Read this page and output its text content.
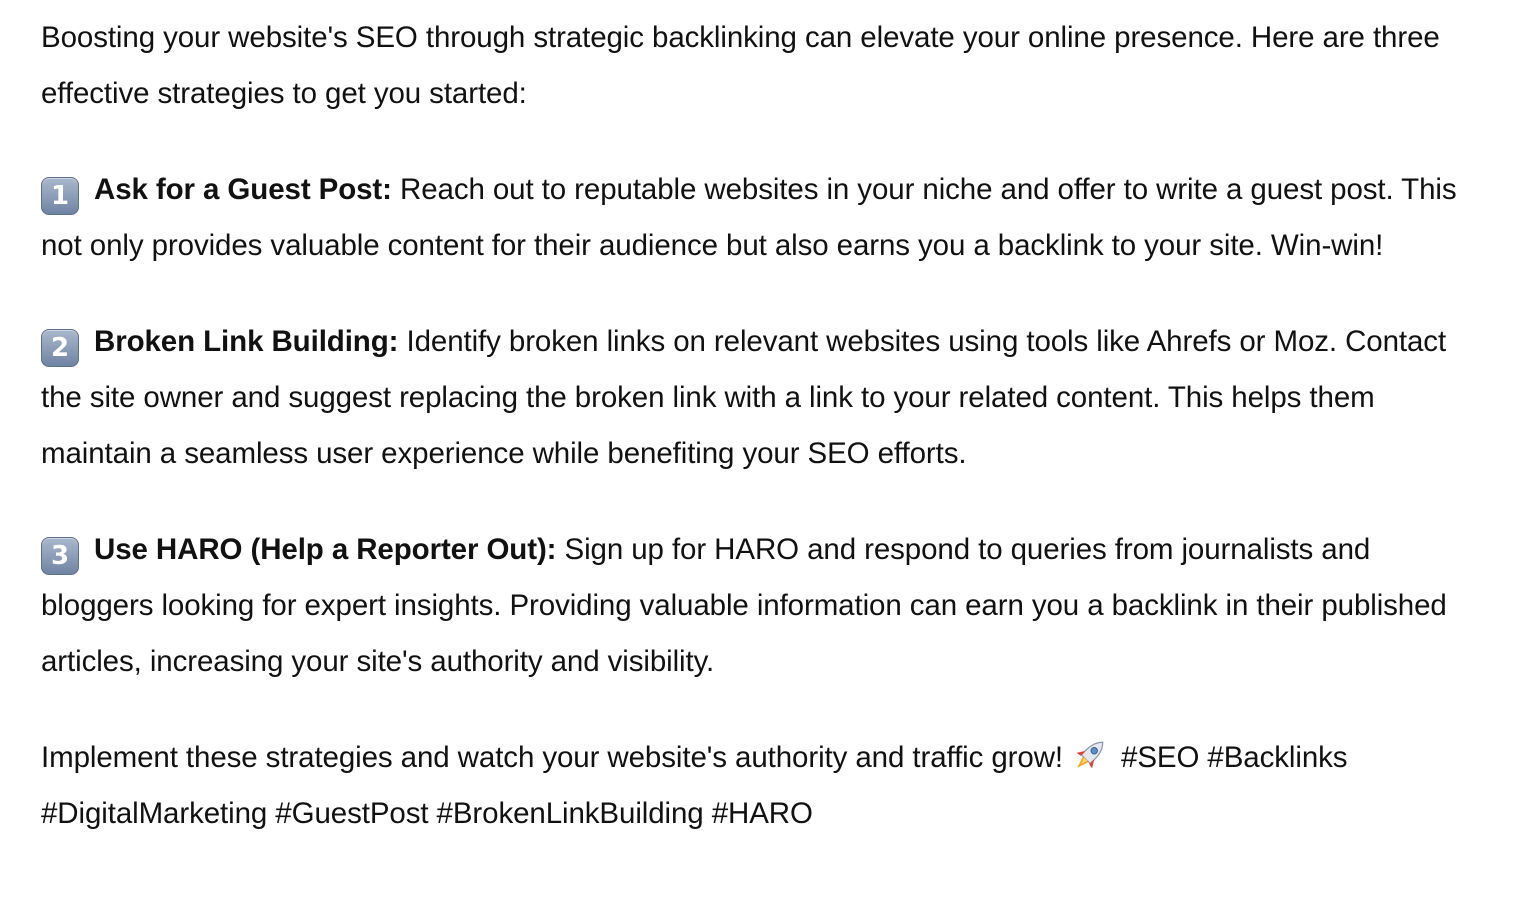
Boosting your website's SEO through strategic backlinking can elevate your online presence. Here are three effective strategies to get you started:

1 Ask for a Guest Post: Reach out to reputable websites in your niche and offer to write a guest post. This not only provides valuable content for their audience but also earns you a backlink to your site. Win-win!

2 Broken Link Building: Identify broken links on relevant websites using tools like Ahrefs or Moz. Contact the site owner and suggest replacing the broken link with a link to your related content. This helps them maintain a seamless user experience while benefiting your SEO efforts.

3 Use HARO (Help a Reporter Out): Sign up for HARO and respond to queries from journalists and bloggers looking for expert insights. Providing valuable information can earn you a backlink in their published articles, increasing your site's authority and visibility.

Implement these strategies and watch your website's authority and traffic grow! #SEO #Backlinks #DigitalMarketing #GuestPost #BrokenLinkBuilding #HARO
